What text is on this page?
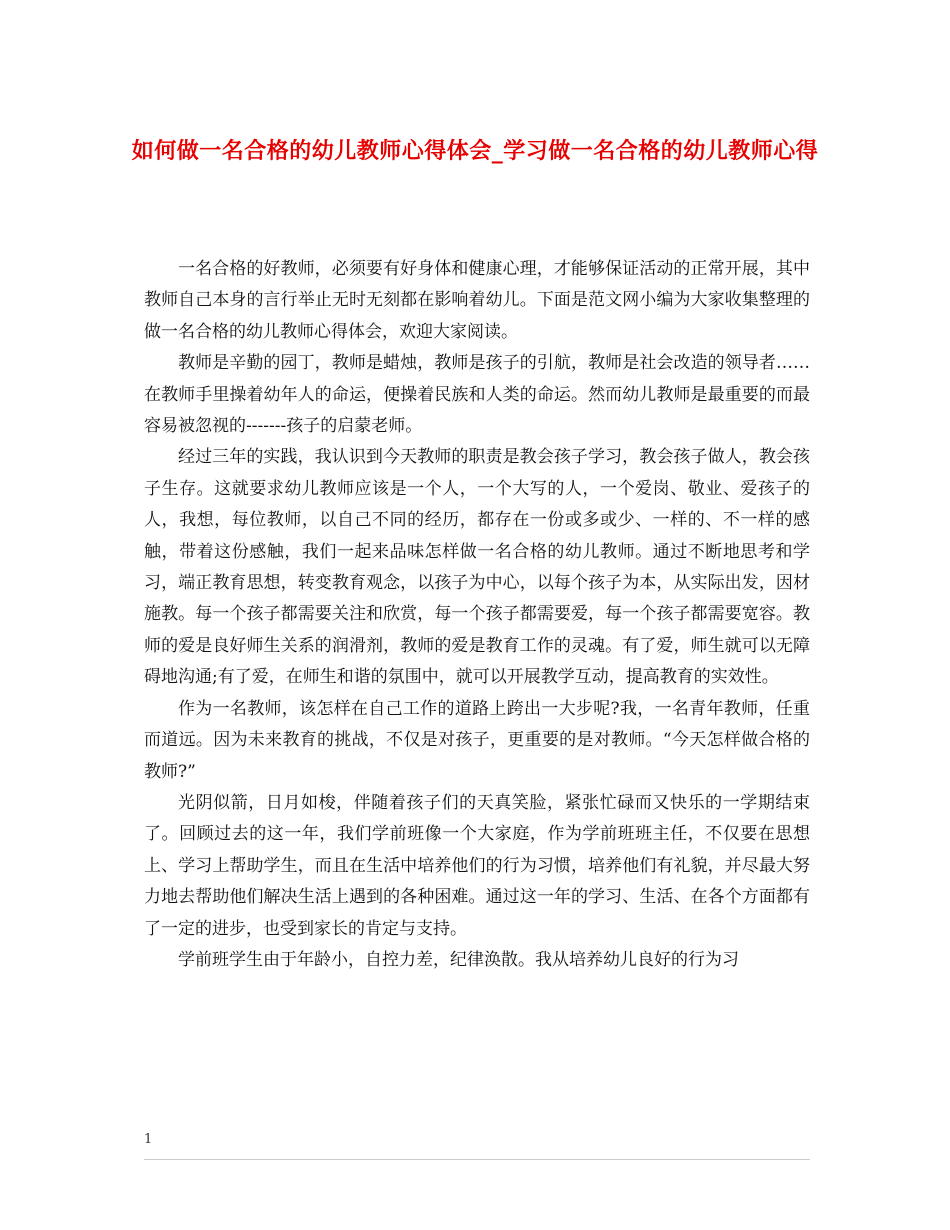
如何做一名合格的幼儿教师心得体会_学习做一名合格的幼儿教师心得

一名合格的好教师，必须要有好身体和健康心理，才能够保证活动的正常开展，其中教师自己本身的言行举止无时无刻都在影响着幼儿。下面是范文网小编为大家收集整理的做一名合格的幼儿教师心得体会，欢迎大家阅读。

教师是辛勤的园丁，教师是蜡烛，教师是孩子的引航，教师是社会改造的领导者……在教师手里操着幼年人的命运，便操着民族和人类的命运。然而幼儿教师是最重要的而最容易被忽视的-------孩子的启蒙老师。

经过三年的实践，我认识到今天教师的职责是教会孩子学习，教会孩子做人，教会孩子生存。这就要求幼儿教师应该是一个人，一个大写的人，一个爱岗、敬业、爱孩子的人，我想，每位教师，以自己不同的经历，都存在一份或多或少、一样的、不一样的感触，带着这份感触，我们一起来品味怎样做一名合格的幼儿教师。通过不断地思考和学习，端正教育思想，转变教育观念，以孩子为中心，以每个孩子为本，从实际出发，因材施教。每一个孩子都需要关注和欣赏，每一个孩子都需要爱，每一个孩子都需要宽容。教师的爱是良好师生关系的润滑剂，教师的爱是教育工作的灵魂。有了爱，师生就可以无障碍地沟通;有了爱，在师生和谐的氛围中，就可以开展教学互动，提高教育的实效性。

作为一名教师，该怎样在自己工作的道路上跨出一大步呢?我，一名青年教师，任重而道远。因为未来教育的挑战，不仅是对孩子，更重要的是对教师。“今天怎样做合格的教师?”

光阴似箭，日月如梭，伴随着孩子们的天真笑脸，紧张忙碌而又快乐的一学期结束了。回顾过去的这一年，我们学前班像一个大家庭，作为学前班班主任，不仅要在思想上、学习上帮助学生，而且在生活中培养他们的行为习惯，培养他们有礼貌，并尽最大努力地去帮助他们解决生活上遇到的各种困难。通过这一年的学习、生活、在各个方面都有了一定的进步，也受到家长的肯定与支持。

学前班学生由于年龄小，自控力差，纪律涣散。我从培养幼儿良好的行为习

1
